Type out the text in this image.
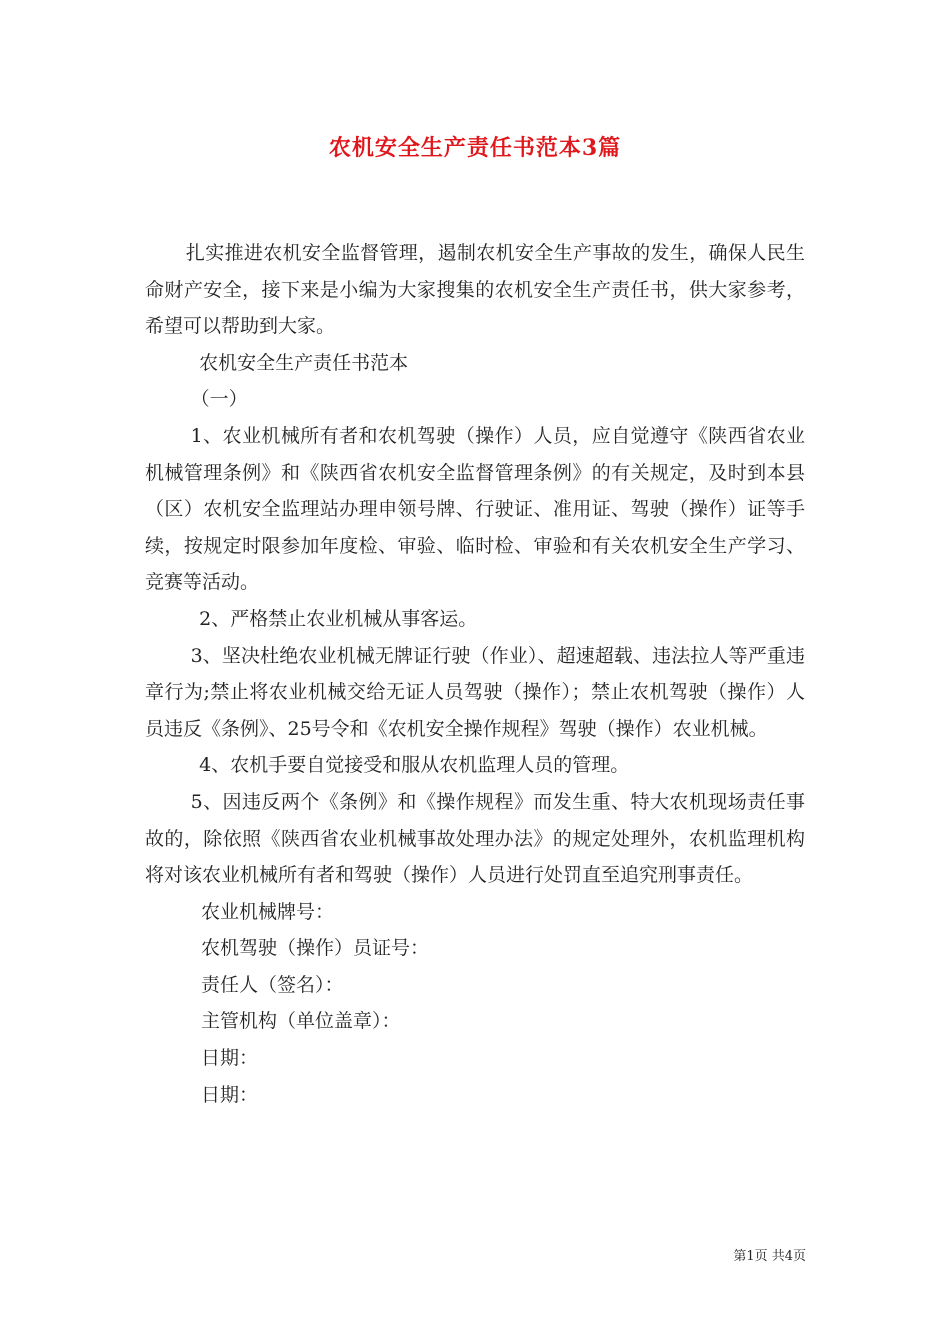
农机安全生产责任书范本3篇

扎实推进农机安全监督管理，遏制农机安全生产事故的发生，确保人民生命财产安全，接下来是小编为大家搜集的农机安全生产责任书，供大家参考，希望可以帮助到大家。

农机安全生产责任书范本

（一）

1、农业机械所有者和农机驾驶（操作）人员，应自觉遵守《陕西省农业机械管理条例》和《陕西省农机安全监督管理条例》的有关规定，及时到本县（区）农机安全监理站办理申领号牌、行驶证、准用证、驾驶（操作）证等手续，按规定时限参加年度检、审验、临时检、审验和有关农机安全生产学习、竞赛等活动。

2、严格禁止农业机械从事客运。

3、坚决杜绝农业机械无牌证行驶（作业）、超速超载、违法拉人等严重违章行为;禁止将农业机械交给无证人员驾驶（操作）；禁止农机驾驶（操作）人员违反《条例》、25号令和《农机安全操作规程》驾驶（操作）农业机械。

4、农机手要自觉接受和服从农机监理人员的管理。

5、因违反两个《条例》和《操作规程》而发生重、特大农机现场责任事故的，除依照《陕西省农业机械事故处理办法》的规定处理外，农机监理机构将对该农业机械所有者和驾驶（操作）人员进行处罚直至追究刑事责任。

农业机械牌号：

农机驾驶（操作）员证号：

责任人（签名）：

主管机构（单位盖章）：

日期：

日期：

第1页 共4页
